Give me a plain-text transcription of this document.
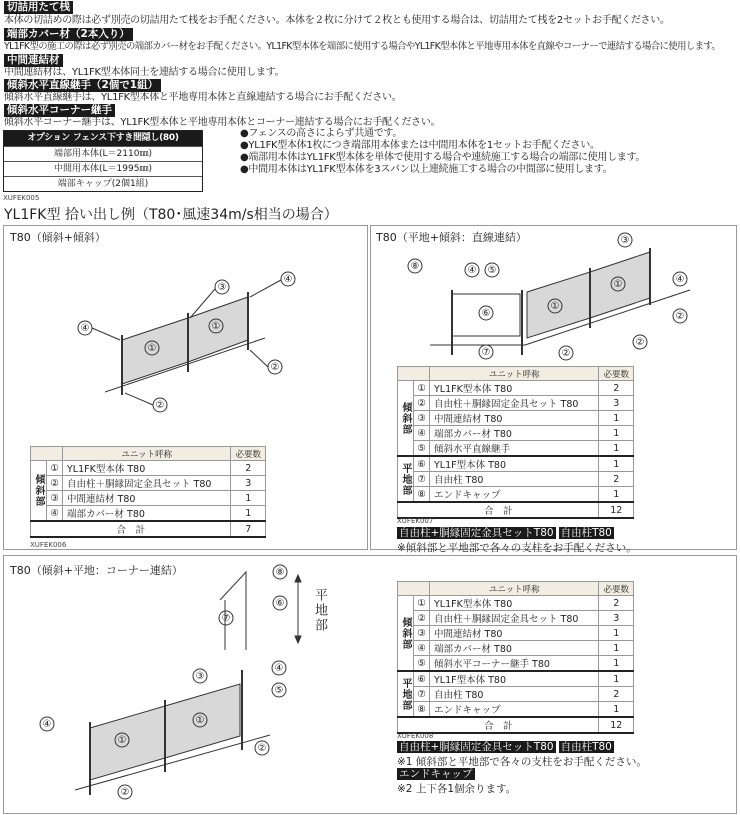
切詰用たて桟
本体の切詰めの際は必ず別売の切詰用たて桟をお手配ください。本体を２枚に分けて２枚とも使用する場合は、切詰用たて桟を2セットお手配ください。
端部カバー材（2本入り）
YL1FK型の施工の際は必ず別売の端部カバー材をお手配ください。YL1FK型本体を端部に使用する場合やYL1FK型本体と平地専用本体を直線やコーナーで連結する場合に使用します。
中間連結材
中間連結材は、YL1FK型本体同士を連結する場合に使用します。
傾斜水平直線継手（2個で1組）
傾斜水平直線継手は、YL1FK型本体と平地専用本体と直線連結する場合にお手配ください。
傾斜水平コーナー継手
傾斜水平コーナー継手は、YL1FK型本体と平地専用本体とコーナー連結する場合にお手配ください。
オプション フェンス下すき間隠し(80)
端部用本体(L＝2110㎜)
中間用本体(L＝1995㎜)
端部キャップ(2個1組)
XUFEK005
●フェンスの高さによらず共通です。
●YL1FK型本体1枚につき端部用本体または中間用本体を1セットお手配ください。
●端部用本体はYL1FK型本体を単体で使用する場合や連続施工する場合の端部に使用します。
●中間用本体はYL1FK型本体を3スパン以上連続施工する場合の中間部に使用します。
YL1FK型 拾い出し例（T80･風速34m/s相当の場合）
T80（傾斜+傾斜）	T80（平地+傾斜：直線連結）
T80（傾斜+平地：コーナー連結）
④
③
④
①
①
②
②
⑧	④ ⑤
⑥
③
④
①
①
②
②
②
⑦
⑧
⑥
⑦
④
⑤
③
①
①
④
②
②
平地部
		ユニット呼称	必要数
傾斜部	①	YL1FK型本体 T80	2
	②	自由柱＋胴縁固定金具セット T80	3
	③	中間連結材 T80	1
	④	端部カバー材 T80	1
合　計			7
XUFEK006
		ユニット呼称	必要数
傾斜部	①	YL1FK型本体 T80	2
	②	自由柱＋胴縁固定金具セット T80	3
	③	中間連結材 T80	1
	④	端部カバー材 T80	1
	⑤	傾斜水平直線継手	1
平地部	⑥	YL1F型本体 T80	1
	⑦	自由柱 T80	2
	⑧	エンドキャップ	1
合　計			12
XUFEK007
自由柱+胴縁固定金具セットT80 自由柱T80
※傾斜部と平地部で各々の支柱をお手配ください。
		ユニット呼称	必要数
傾斜部	①	YL1FK型本体 T80	2
	②	自由柱＋胴縁固定金具セット T80	3
	③	中間連結材 T80	1
	④	端部カバー材 T80	1
	⑤	傾斜水平コーナー継手 T80	1
平地部	⑥	YL1F型本体 T80	1
	⑦	自由柱 T80	2
	⑧	エンドキャップ	1
合　計			12
XUFEK008
自由柱+胴縁固定金具セットT80 自由柱T80
※1 傾斜部と平地部で各々の支柱をお手配ください。
エンドキャップ
※2 上下各1個余ります。
